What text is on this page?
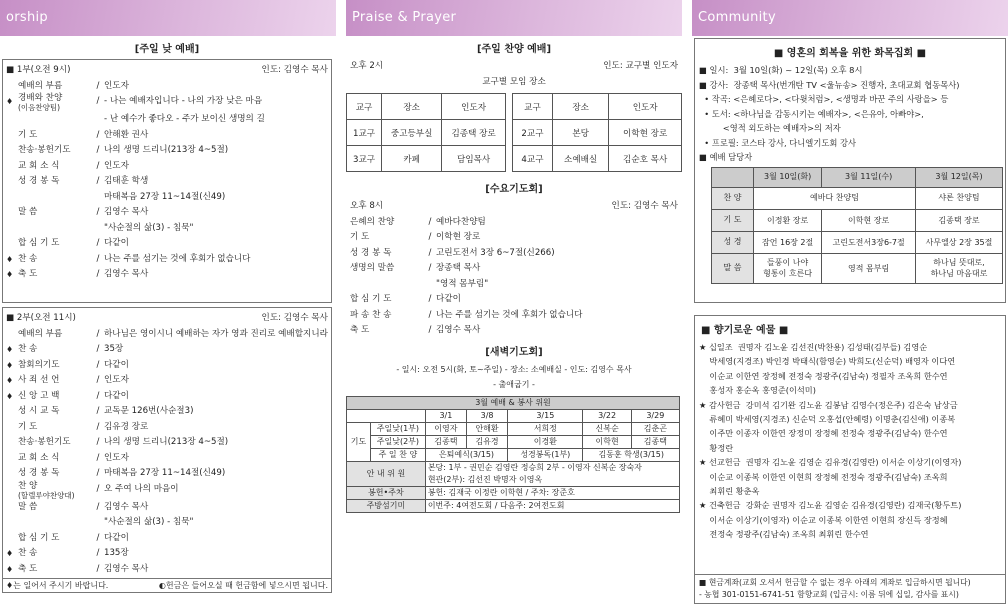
orship	Praise & Prayer	Community
[주일 낮 예배]
■ 1부(오전 9시)	인도: 김영수 목사
예배의 부름	/ 인도자
♦ 경배와 찬양
(이음찬양팀)
/ - 나는 예배자입니다 - 나의 가장 낮은 마음
- 난 예수가 좋다오 - 주가 보이신 생명의 길
기 도	/ 안해환 권사
찬송·봉헌기도	/ 나의 생명 드리니(213장 4~5절)
교 회 소 식	/ 인도자
성 경 봉 독	/ 김태훈 학생
마태복음 27장 11~14절(신49)
말 씀	/ 김영수 목사
"사순절의 삶(3) - 침묵"
합 심 기 도	/ 다같이
♦ 찬 송	/ 나는 주를 섬기는 것에 후회가 없습니다
♦ 축 도	/ 김영수 목사
■ 2부(오전 11시)	인도: 김영수 목사
예배의 부름	/ 하나님은 영이시니 예배하는 자가 영과 진리로 예배할지니라
♦ 찬 송	/ 35장
♦ 참회의기도	/ 다같이
♦ 사 죄 선 언	/ 인도자
♦ 신 앙 고 백	/ 다같이
성 시 교 독	/ 교독문 126번(사순절3)
기 도	/ 김유경 장로
찬송·봉헌기도	/ 나의 생명 드리니(213장 4~5절)
교 회 소 식	/ 인도자
성 경 봉 독	/ 마태복음 27장 11~14절(신49)
찬 양
(할렐루야찬양대)
/ 오 주여 나의 마음이
말 씀	/ 김영수 목사
"사순절의 삶(3) - 침묵"
합 심 기 도	/ 다같이
♦ 찬 송	/ 135장
♦ 축 도	/ 김영수 목사
♦는 일어서 주시기 바랍니다.	◐헌금은 들어오실 때 헌금함에 넣으시면 됩니다.
[주일 찬양 예배]
오후 2시	인도: 교구별 인도자
교구별 모임 장소
교구	장소	인도자
1교구	중고등부실	김종택 장로
3교구	카페	담임목사
교구	장소	인도자
2교구	본당	이학현 장로
4교구	소예배실	김순호 목사
[수요기도회]
오후 8시	인도: 김영수 목사
은혜의 찬양	/ 예바다찬양팀
기 도	/ 이학현 장로
성 경 봉 독	/ 고린도전서 3장 6~7절(신266)
생명의 말씀	/ 장종택 목사
"영적 몸부림"
합 심 기 도	/ 다같이
파 송 찬 송	/ 나는 주를 섬기는 것에 후회가 없습니다
축 도	/ 김영수 목사
[새벽기도회]
- 일시: 오전 5시(화, 토~주일) - 장소: 소예배실 - 인도: 김영수 목사
- 출애굽기 -
3월 예배 & 봉사 위원						
		3/1	3/8	3/15	3/22	3/29
기도	주일낮(1부)	이영자	안해환	서희정	신복순	김춘곤
	주일낮(2부)	김종택	김유경	이경환	이학현	김종택
	주 일 찬 양	은퇴예식(3/15)		성경봉독(1부)	김동훈 학생(3/15)	
안 내 위 원		본당: 1부 - 권민순 김영란 정승희 2부 - 이영자 신복순 장숙자
현관(2부): 김선진 박명자 이영옥				

봉헌•주차		봉헌: 김재국 이정란 이학현 / 주차: 장준호				

주방섬기미		이번주: 4여전도회 / 다음주: 2여전도회				
■ 영혼의 회복을 위한 화목집회 ■
■ 일시:  3월 10일(화) ~ 12일(목) 오후 8시
■ 강사:  장종택 목사(번개탄 TV <울뉴송> 진행자, 초대교회 협동목사)
• 작곡: <은혜로다>, <다윗처럼>, <생명과 바꾼 주의 사랑을> 등
• 도서: <하나님을 감동시키는 예배자>, <은유아, 아빠야>,
<영적 외도하는 예배자>의 저자
• 프로필: 코스타 강사, 다니엘기도회 강사
■ 예배 담당자
	3월 10일(화)	3월 11일(수)	3월 12일(목)
찬 양	예바다 찬양팀		샤론 찬양팀
기 도	이정환 장로	이학현 장로	김종택 장로
성 경	잠언 16장 2절	고린도전서3장6-7절	사무엘상 2장 35절
말 씀	들풍이 나야
형통이 흐른다	영적 몸부림	하나님 뜻대로,
하나님 마음대로
■ 향기로운 예물 ■
★ 십일조  권명자 김노윤 김선진(박찬용) 김성태(김부들) 김영순
박세영(지경조) 박인경 박태식(함영순) 박희도(신순덕) 배영자 이다연
이순교 이한연 장정혜 전정숙 정광주(김남숙) 정필자 조옥희 한수연
홍성자 홍순옥 홍영준(이석미)
★ 감사헌금  강미석 김기완 김노윤 김봉남 김영수(정은주) 김은숙 남상금
류혜미 박세영(지경조) 신순덕 오홍섭(안혜령) 이명춘(김신애) 이종복
이주만 이종자 이한연 장정미 장정혜 전정숙 정광주(김남숙) 한수연
황정란
★ 선교헌금  권명자 김노윤 김영순 김유경(김영란) 이서순 이상기(이영자)
이순교 이종복 이한연 이현희 장정혜 전정숙 정광주(김남숙) 조옥희
최휘린 황춘옥
★ 건축헌금  강화순 권명자 김노윤 김영순 김유경(김영란) 김재국(황두트)
이서순 이상기(이영자) 이순교 이종복 이한연 이현희 장신득 장정혜
전정숙 정광주(김남숙) 조옥희 최휘린 한수연
■ 현금계좌(교회 오셔서 헌금할 수 없는 경우 아래의 계좌로 입금하시면 됩니다)
- 농협 301-0151-6741-51 함향교회 (입금시: 이름 뒤에 십일, 감사를 표시)
